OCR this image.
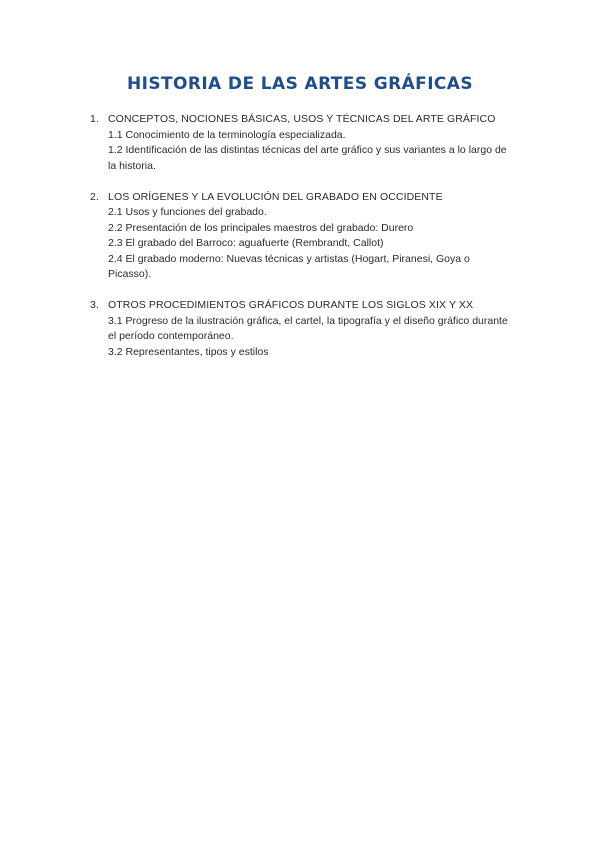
HISTORIA DE LAS ARTES GRÁFICAS
1. CONCEPTOS, NOCIONES BÁSICAS, USOS Y TÉCNICAS DEL ARTE GRÁFICO
1.1 Conocimiento de la terminología especializada.
1.2 Identificación de las distintas técnicas del arte gráfico y sus variantes a lo largo de la historia.
2. LOS ORÍGENES Y LA EVOLUCIÓN DEL GRABADO EN OCCIDENTE
2.1 Usos y funciones del grabado.
2.2 Presentación de los principales maestros del grabado: Durero
2.3 El grabado del Barroco: aguafuerte (Rembrandt, Callot)
2.4 El grabado moderno: Nuevas técnicas y artistas (Hogart, Piranesi, Goya o Picasso).
3. OTROS PROCEDIMIENTOS GRÁFICOS DURANTE LOS SIGLOS XIX Y XX
3.1 Progreso de la ilustración gráfica, el cartel, la tipografía y el diseño gráfico durante el período contemporáneo.
3.2 Representantes, tipos y estilos
